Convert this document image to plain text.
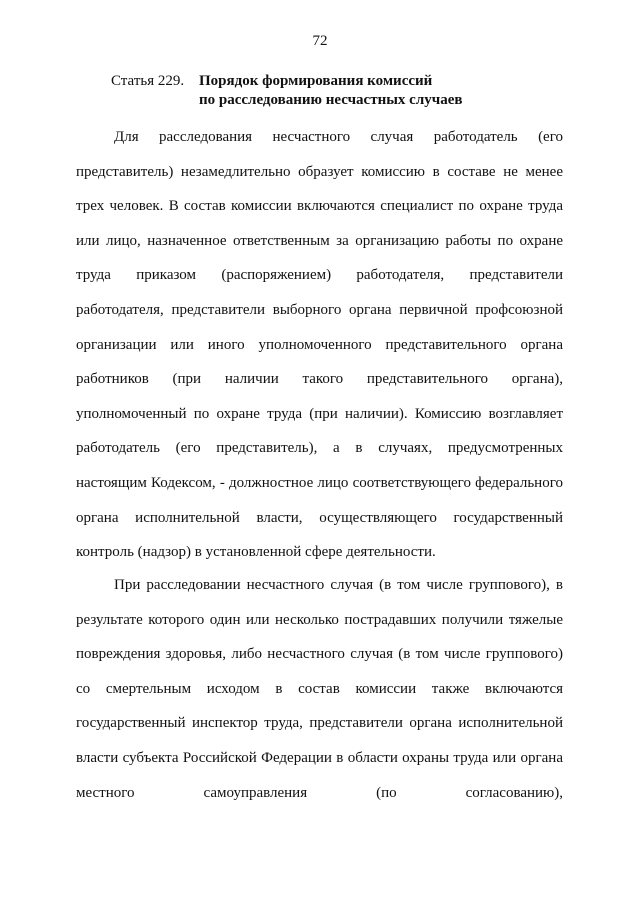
72
Статья 229. Порядок формирования комиссий
по расследованию несчастных случаев

Для расследования несчастного случая работодатель (его представитель) незамедлительно образует комиссию в составе не менее трех человек. В состав комиссии включаются специалист по охране труда или лицо, назначенное ответственным за организацию работы по охране труда приказом (распоряжением) работодателя, представители работодателя, представители выборного органа первичной профсоюзной организации или иного уполномоченного представительного органа работников (при наличии такого представительного органа), уполномоченный по охране труда (при наличии). Комиссию возглавляет работодатель (его представитель), а в случаях, предусмотренных настоящим Кодексом, - должностное лицо соответствующего федерального органа исполнительной власти, осуществляющего государственный контроль (надзор) в установленной сфере деятельности.

При расследовании несчастного случая (в том числе группового), в результате которого один или несколько пострадавших получили тяжелые повреждения здоровья, либо несчастного случая (в том числе группового) со смертельным исходом в состав комиссии также включаются государственный инспектор труда, представители органа исполнительной власти субъекта Российской Федерации в области охраны труда или органа местного самоуправления (по согласованию),
